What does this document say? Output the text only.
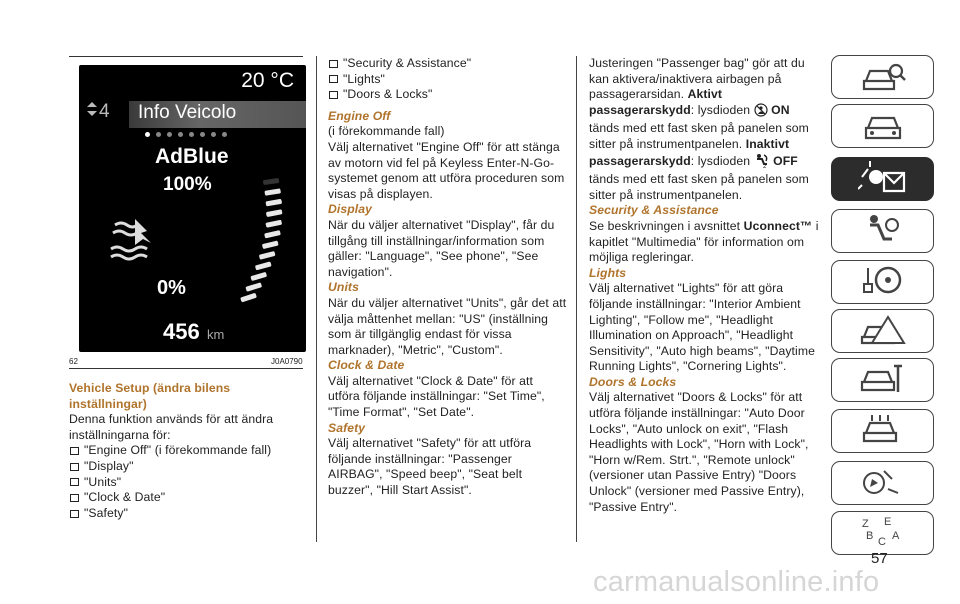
20 °C
4 Info Veicolo
AdBlue
100%
0%
456 km
62	J0A0790

Vehicle Setup (ändra bilens inställningar)

Denna funktion används för att ändra inställningarna för:

"Engine Off" (i förekommande fall)
"Display"
"Units"
"Clock & Date"
"Safety"
"Security & Assistance"
"Lights"
"Doors & Locks"

Engine Off

(i förekommande fall)

Välj alternativet "Engine Off" för att stänga av motorn vid fel på Keyless Enter-N-Go-systemet genom att utföra proceduren som visas på displayen.

Display

När du väljer alternativet "Display", får du tillgång till inställningar/information som gäller: "Language", "See phone", "See navigation".

Units

När du väljer alternativet "Units", går det att välja måttenhet mellan: "US" (inställning som är tillgänglig endast för vissa marknader), "Metric", "Custom".

Clock & Date

Välj alternativet "Clock & Date" för att utföra följande inställningar: "Set Time", "Time Format", "Set Date".

Safety

Välj alternativet "Safety" för att utföra följande inställningar: "Passenger AIRBAG", "Speed beep", "Seat belt buzzer", "Hill Start Assist".

Justeringen "Passenger bag" gör att du kan aktivera/inaktivera airbagen på passagerarsidan. Aktivt passagerarskydd: lysdioden ON tänds med ett fast sken på panelen som sitter på instrumentpanelen. Inaktivt passagerarskydd: lysdioden 2 OFF tänds med ett fast sken på panelen som sitter på instrumentpanelen.

Security & Assistance

Se beskrivningen i avsnittet Uconnect™ i kapitlet "Multimedia" för information om möjliga regleringar.

Lights

Välj alternativet "Lights" för att göra följande inställningar: "Interior Ambient Lighting", "Follow me", "Headlight Illumination on Approach", "Headlight Sensitivity", "Auto high beams", "Daytime Running Lights", "Cornering Lights".

Doors & Locks

Välj alternativet "Doors & Locks" för att utföra följande inställningar: "Auto Door Locks", "Auto unlock on exit", "Flash Headlights with Lock", "Horn with Lock", "Horn w/Rem. Strt.", "Remote unlock" (versioner utan Passive Entry) "Doors Unlock" (versioner med Passive Entry), "Passive Entry".

Z E
B C A
57
carmanualsonline.info
